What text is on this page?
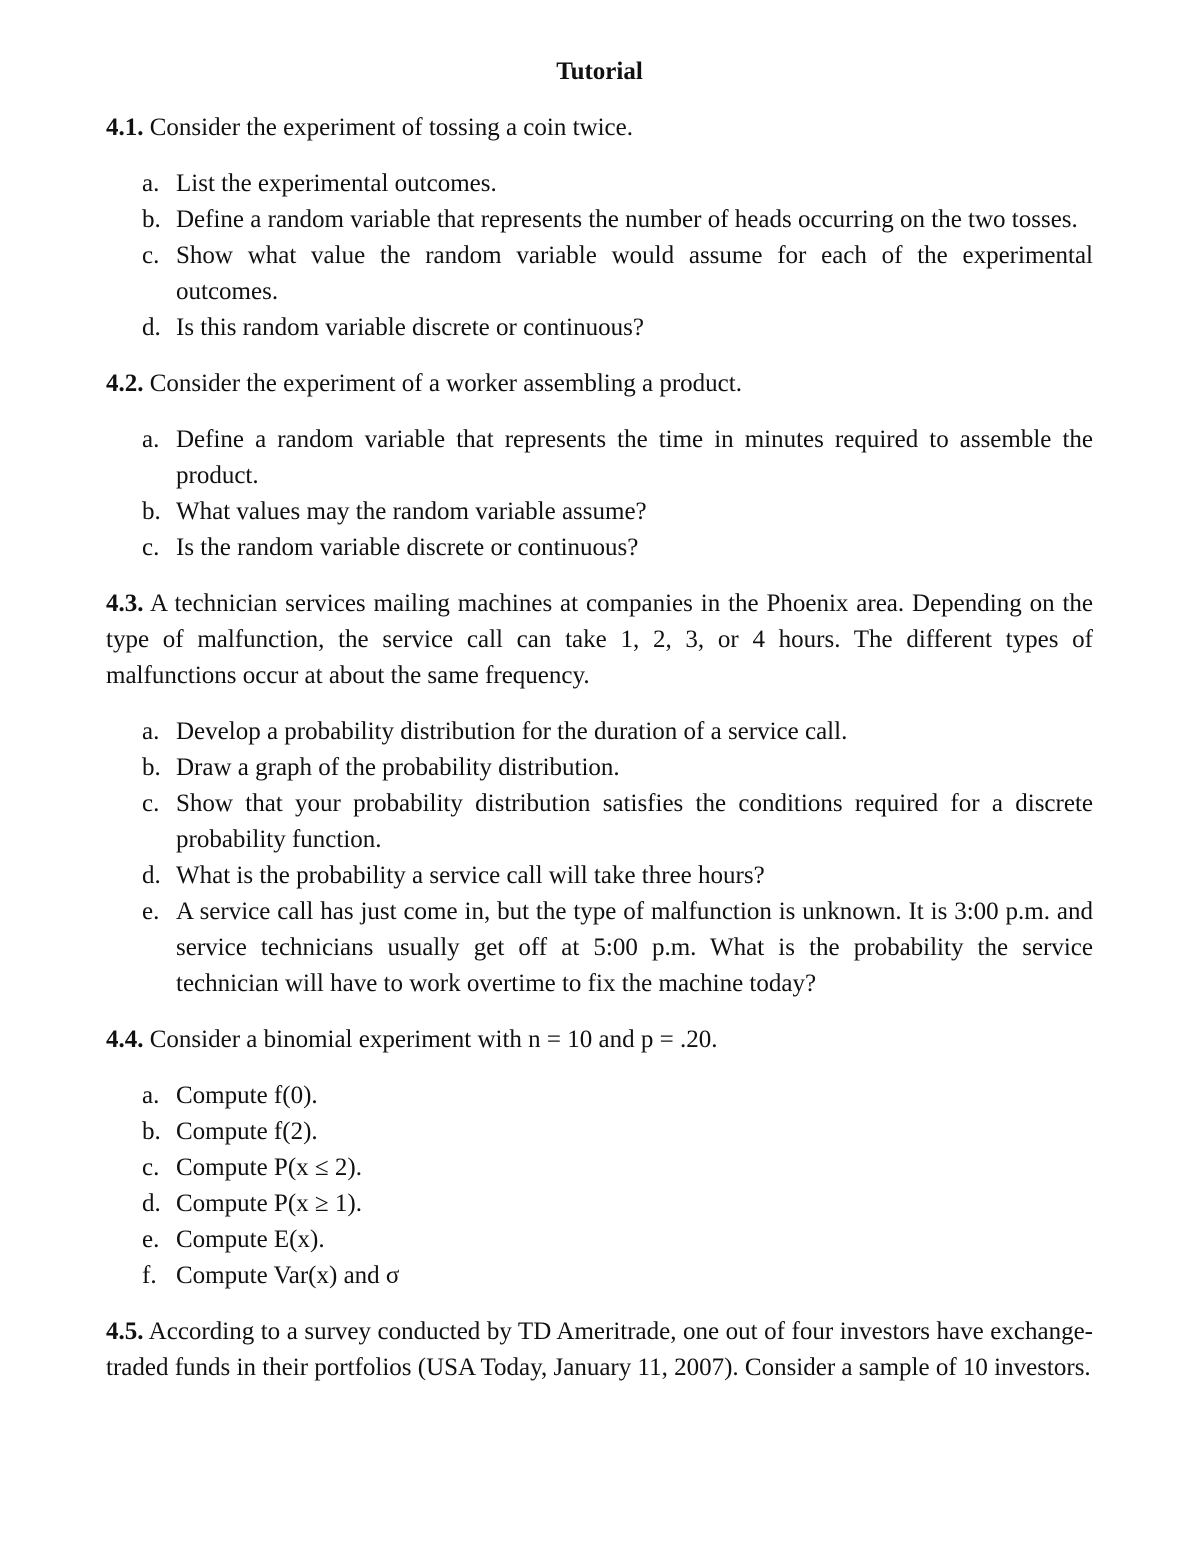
Tutorial
4.1. Consider the experiment of tossing a coin twice.
a. List the experimental outcomes.
b. Define a random variable that represents the number of heads occurring on the two tosses.
c. Show what value the random variable would assume for each of the experimental outcomes.
d. Is this random variable discrete or continuous?
4.2. Consider the experiment of a worker assembling a product.
a. Define a random variable that represents the time in minutes required to assemble the product.
b. What values may the random variable assume?
c. Is the random variable discrete or continuous?
4.3. A technician services mailing machines at companies in the Phoenix area. Depending on the type of malfunction, the service call can take 1, 2, 3, or 4 hours. The different types of malfunctions occur at about the same frequency.
a. Develop a probability distribution for the duration of a service call.
b. Draw a graph of the probability distribution.
c. Show that your probability distribution satisfies the conditions required for a discrete probability function.
d. What is the probability a service call will take three hours?
e. A service call has just come in, but the type of malfunction is unknown. It is 3:00 p.m. and service technicians usually get off at 5:00 p.m. What is the probability the service technician will have to work overtime to fix the machine today?
4.4. Consider a binomial experiment with n = 10 and p = .20.
a. Compute f(0).
b. Compute f(2).
c. Compute P(x ≤ 2).
d. Compute P(x ≥ 1).
e. Compute E(x).
f. Compute Var(x) and σ
4.5. According to a survey conducted by TD Ameritrade, one out of four investors have exchange-traded funds in their portfolios (USA Today, January 11, 2007). Consider a sample of 10 investors.
